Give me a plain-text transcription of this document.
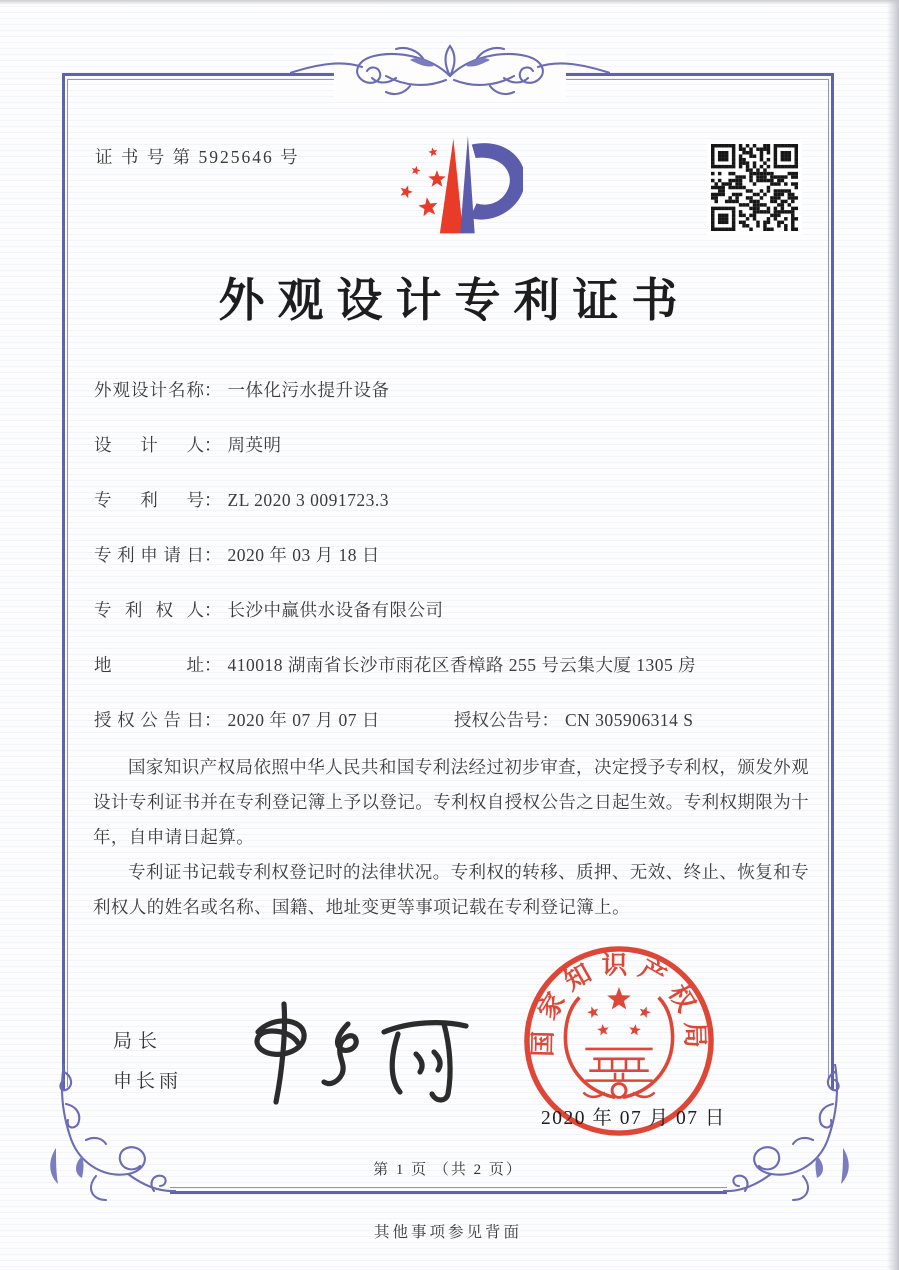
证 书 号 第 5925646 号
外观设计专利证书
外观设计名称： 一体化污水提升设备
设计人： 周英明
专利号： ZL 2020 3 0091723.3
专利申请日： 2020 年 03 月 18 日
专利权人： 长沙中赢供水设备有限公司
地址： 410018 湖南省长沙市雨花区香樟路 255 号云集大厦 1305 房
授权公告日： 2020 年 07 月 07 日	授权公告号： CN 305906314 S

国家知识产权局依照中华人民共和国专利法经过初步审查，决定授予专利权，颁发外观设计专利证书并在专利登记簿上予以登记。专利权自授权公告之日起生效。专利权期限为十年，自申请日起算。

专利证书记载专利权登记时的法律状况。专利权的转移、质押、无效、终止、恢复和专利权人的姓名或名称、国籍、地址变更等事项记载在专利登记簿上。

局长
申长雨
国家知识产权局
2020 年 07 月 07 日
第 1 页 （共 2 页）
其他事项参见背面
